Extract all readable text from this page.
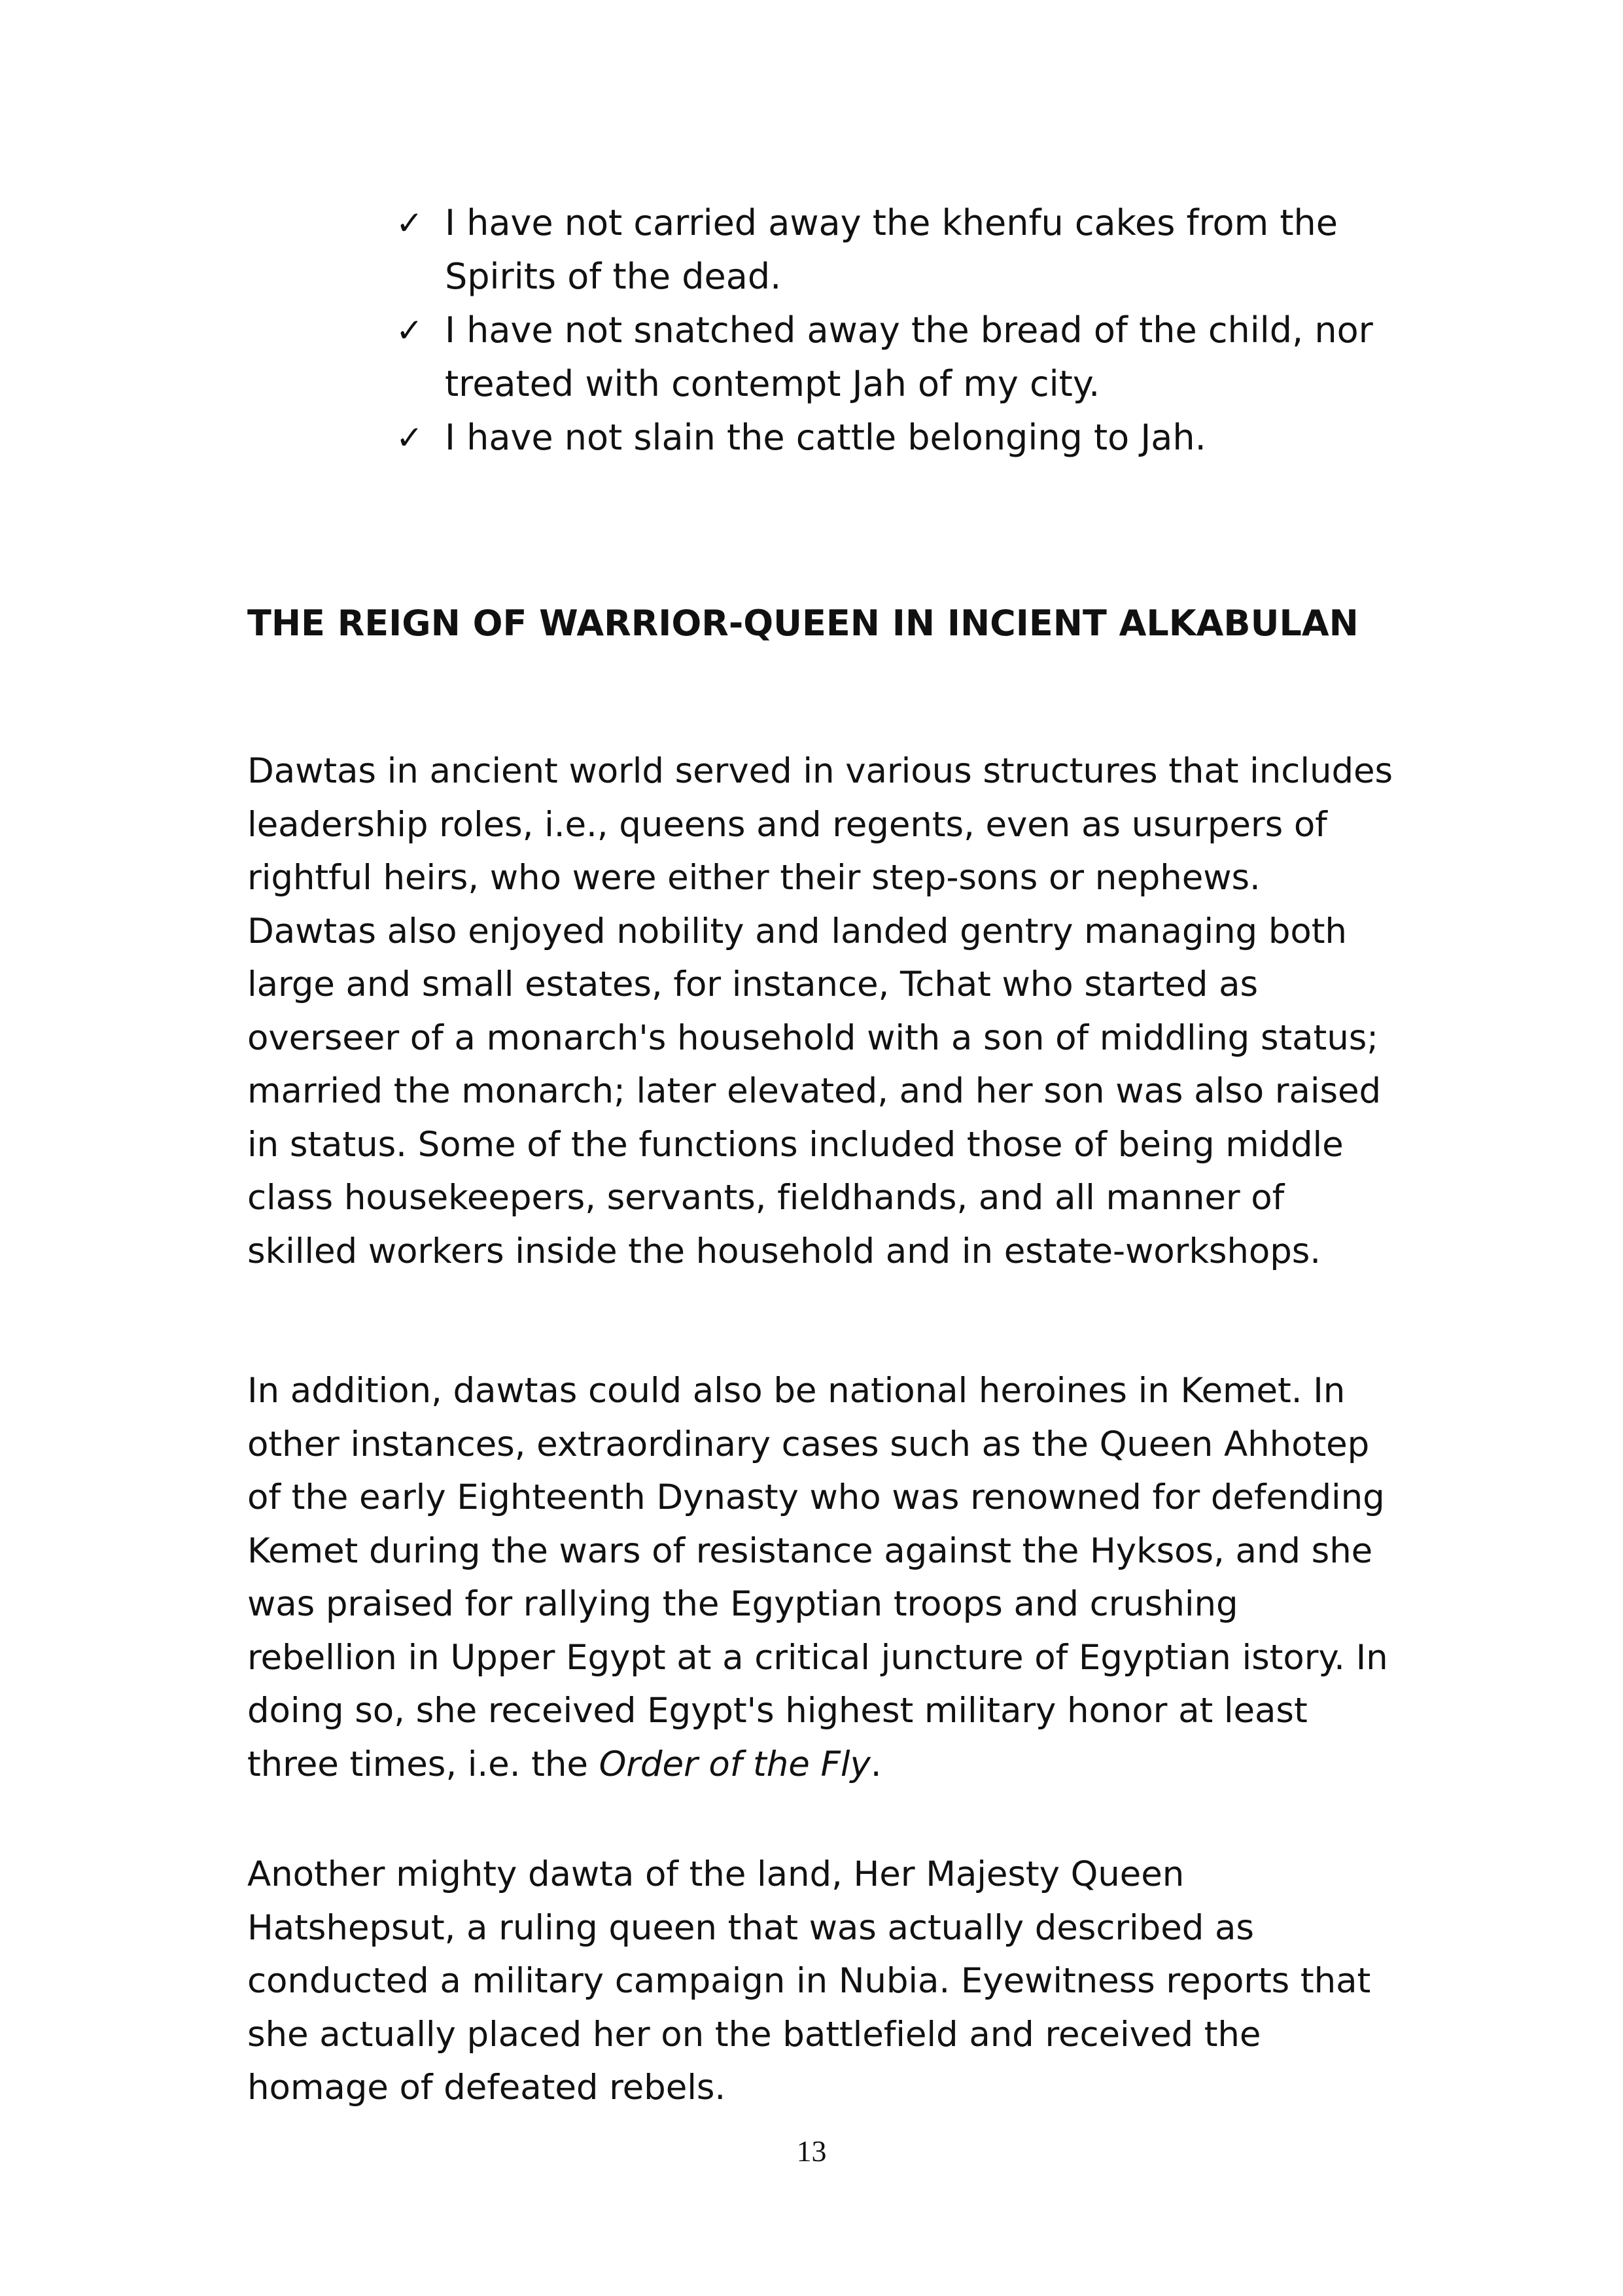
✓ I have not carried away the khenfu cakes from the Spirits of the dead.
✓ I have not snatched away the bread of the child, nor treated with contempt Jah of my city.
✓ I have not slain the cattle belonging to Jah.
THE REIGN OF WARRIOR-QUEEN IN INCIENT ALKABULAN

Dawtas in ancient world served in various structures that includes leadership roles, i.e., queens and regents, even as usurpers of rightful heirs, who were either their step-sons or nephews. Dawtas also enjoyed nobility and landed gentry managing both large and small estates, for instance, Tchat who started as overseer of a monarch's household with a son of middling status; married the monarch; later elevated, and her son was also raised in status. Some of the functions included those of being middle class housekeepers, servants, fieldhands, and all manner of skilled workers inside the household and in estate-workshops.

In addition, dawtas could also be national heroines in Kemet. In other instances, extraordinary cases such as the Queen Ahhotep of the early Eighteenth Dynasty who was renowned for defending Kemet during the wars of resistance against the Hyksos, and she was praised for rallying the Egyptian troops and crushing rebellion in Upper Egypt at a critical juncture of Egyptian istory. In doing so, she received Egypt's highest military honor at least three times, i.e. the Order of the Fly.

Another mighty dawta of the land, Her Majesty Queen Hatshepsut, a ruling queen that was actually described as conducted a military campaign in Nubia. Eyewitness reports that she actually placed her on the battlefield and received the homage of defeated rebels.

13
